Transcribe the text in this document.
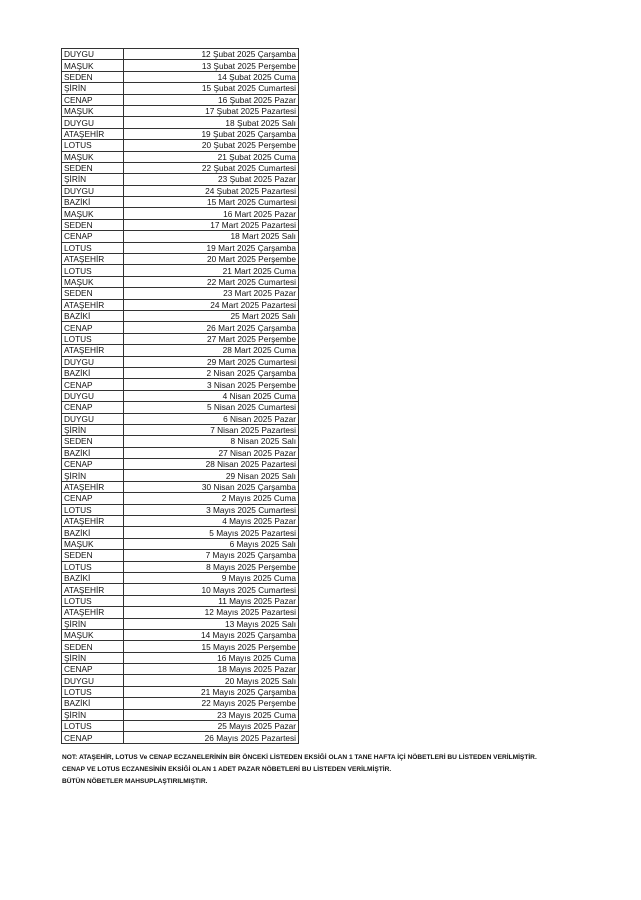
DUYGU	12 Şubat 2025 Çarşamba
MAŞUK	13 Şubat 2025 Perşembe
SEDEN	14 Şubat 2025 Cuma
ŞİRİN	15 Şubat 2025 Cumartesi
CENAP	16 Şubat 2025 Pazar
MAŞUK	17 Şubat 2025 Pazartesi
DUYGU	18 Şubat 2025 Salı
ATAŞEHİR	19 Şubat 2025 Çarşamba
LOTUS	20 Şubat 2025 Perşembe
MAŞUK	21 Şubat 2025 Cuma
SEDEN	22 Şubat 2025 Cumartesi
ŞİRİN	23 Şubat 2025 Pazar
DUYGU	24 Şubat 2025 Pazartesi
BAZİKİ	15 Mart 2025 Cumartesi
MAŞUK	16 Mart 2025 Pazar
SEDEN	17 Mart 2025 Pazartesi
CENAP	18 Mart 2025 Salı
LOTUS	19 Mart 2025 Çarşamba
ATAŞEHİR	20 Mart 2025 Perşembe
LOTUS	21 Mart 2025 Cuma
MAŞUK	22 Mart 2025 Cumartesi
SEDEN	23 Mart 2025 Pazar
ATAŞEHİR	24 Mart 2025 Pazartesi
BAZİKİ	25 Mart 2025 Salı
CENAP	26 Mart 2025 Çarşamba
LOTUS	27 Mart 2025 Perşembe
ATAŞEHİR	28 Mart 2025 Cuma
DUYGU	29 Mart 2025 Cumartesi
BAZİKİ	2 Nisan 2025 Çarşamba
CENAP	3 Nisan 2025 Perşembe
DUYGU	4 Nisan 2025 Cuma
CENAP	5 Nisan 2025 Cumartesi
DUYGU	6 Nisan 2025 Pazar
ŞİRİN	7 Nisan 2025 Pazartesi
SEDEN	8 Nisan 2025 Salı
BAZİKİ	27 Nisan 2025 Pazar
CENAP	28 Nisan 2025 Pazartesi
ŞİRİN	29 Nisan 2025 Salı
ATAŞEHİR	30 Nisan 2025 Çarşamba
CENAP	2 Mayıs 2025 Cuma
LOTUS	3 Mayıs 2025 Cumartesi
ATAŞEHİR	4 Mayıs 2025 Pazar
BAZİKİ	5 Mayıs 2025 Pazartesi
MAŞUK	6 Mayıs 2025 Salı
SEDEN	7 Mayıs 2025 Çarşamba
LOTUS	8 Mayıs 2025 Perşembe
BAZİKİ	9 Mayıs 2025 Cuma
ATAŞEHİR	10 Mayıs 2025 Cumartesi
LOTUS	11 Mayıs 2025 Pazar
ATAŞEHİR	12 Mayıs 2025 Pazartesi
ŞİRİN	13 Mayıs 2025 Salı
MAŞUK	14 Mayıs 2025 Çarşamba
SEDEN	15 Mayıs 2025 Perşembe
ŞİRİN	16 Mayıs 2025 Cuma
CENAP	18 Mayıs 2025 Pazar
DUYGU	20 Mayıs 2025 Salı
LOTUS	21 Mayıs 2025 Çarşamba
BAZİKİ	22 Mayıs 2025 Perşembe
ŞİRİN	23 Mayıs 2025 Cuma
LOTUS	25 Mayıs 2025 Pazar
CENAP	26 Mayıs 2025 Pazartesi
NOT: ATAŞEHİR, LOTUS Ve CENAP ECZANELERİNİN BİR ÖNCEKİ LİSTEDEN EKSİĞİ OLAN 1 TANE HAFTA İÇİ NÖBETLERİ BU LİSTEDEN VERİLMİŞTİR.
CENAP VE LOTUS ECZANESİNİN EKSİĞİ OLAN 1 ADET PAZAR NÖBETLERİ BU LİSTEDEN VERİLMİŞTİR.
BÜTÜN NÖBETLER MAHSUPLAŞTIRILMIŞTIR.
